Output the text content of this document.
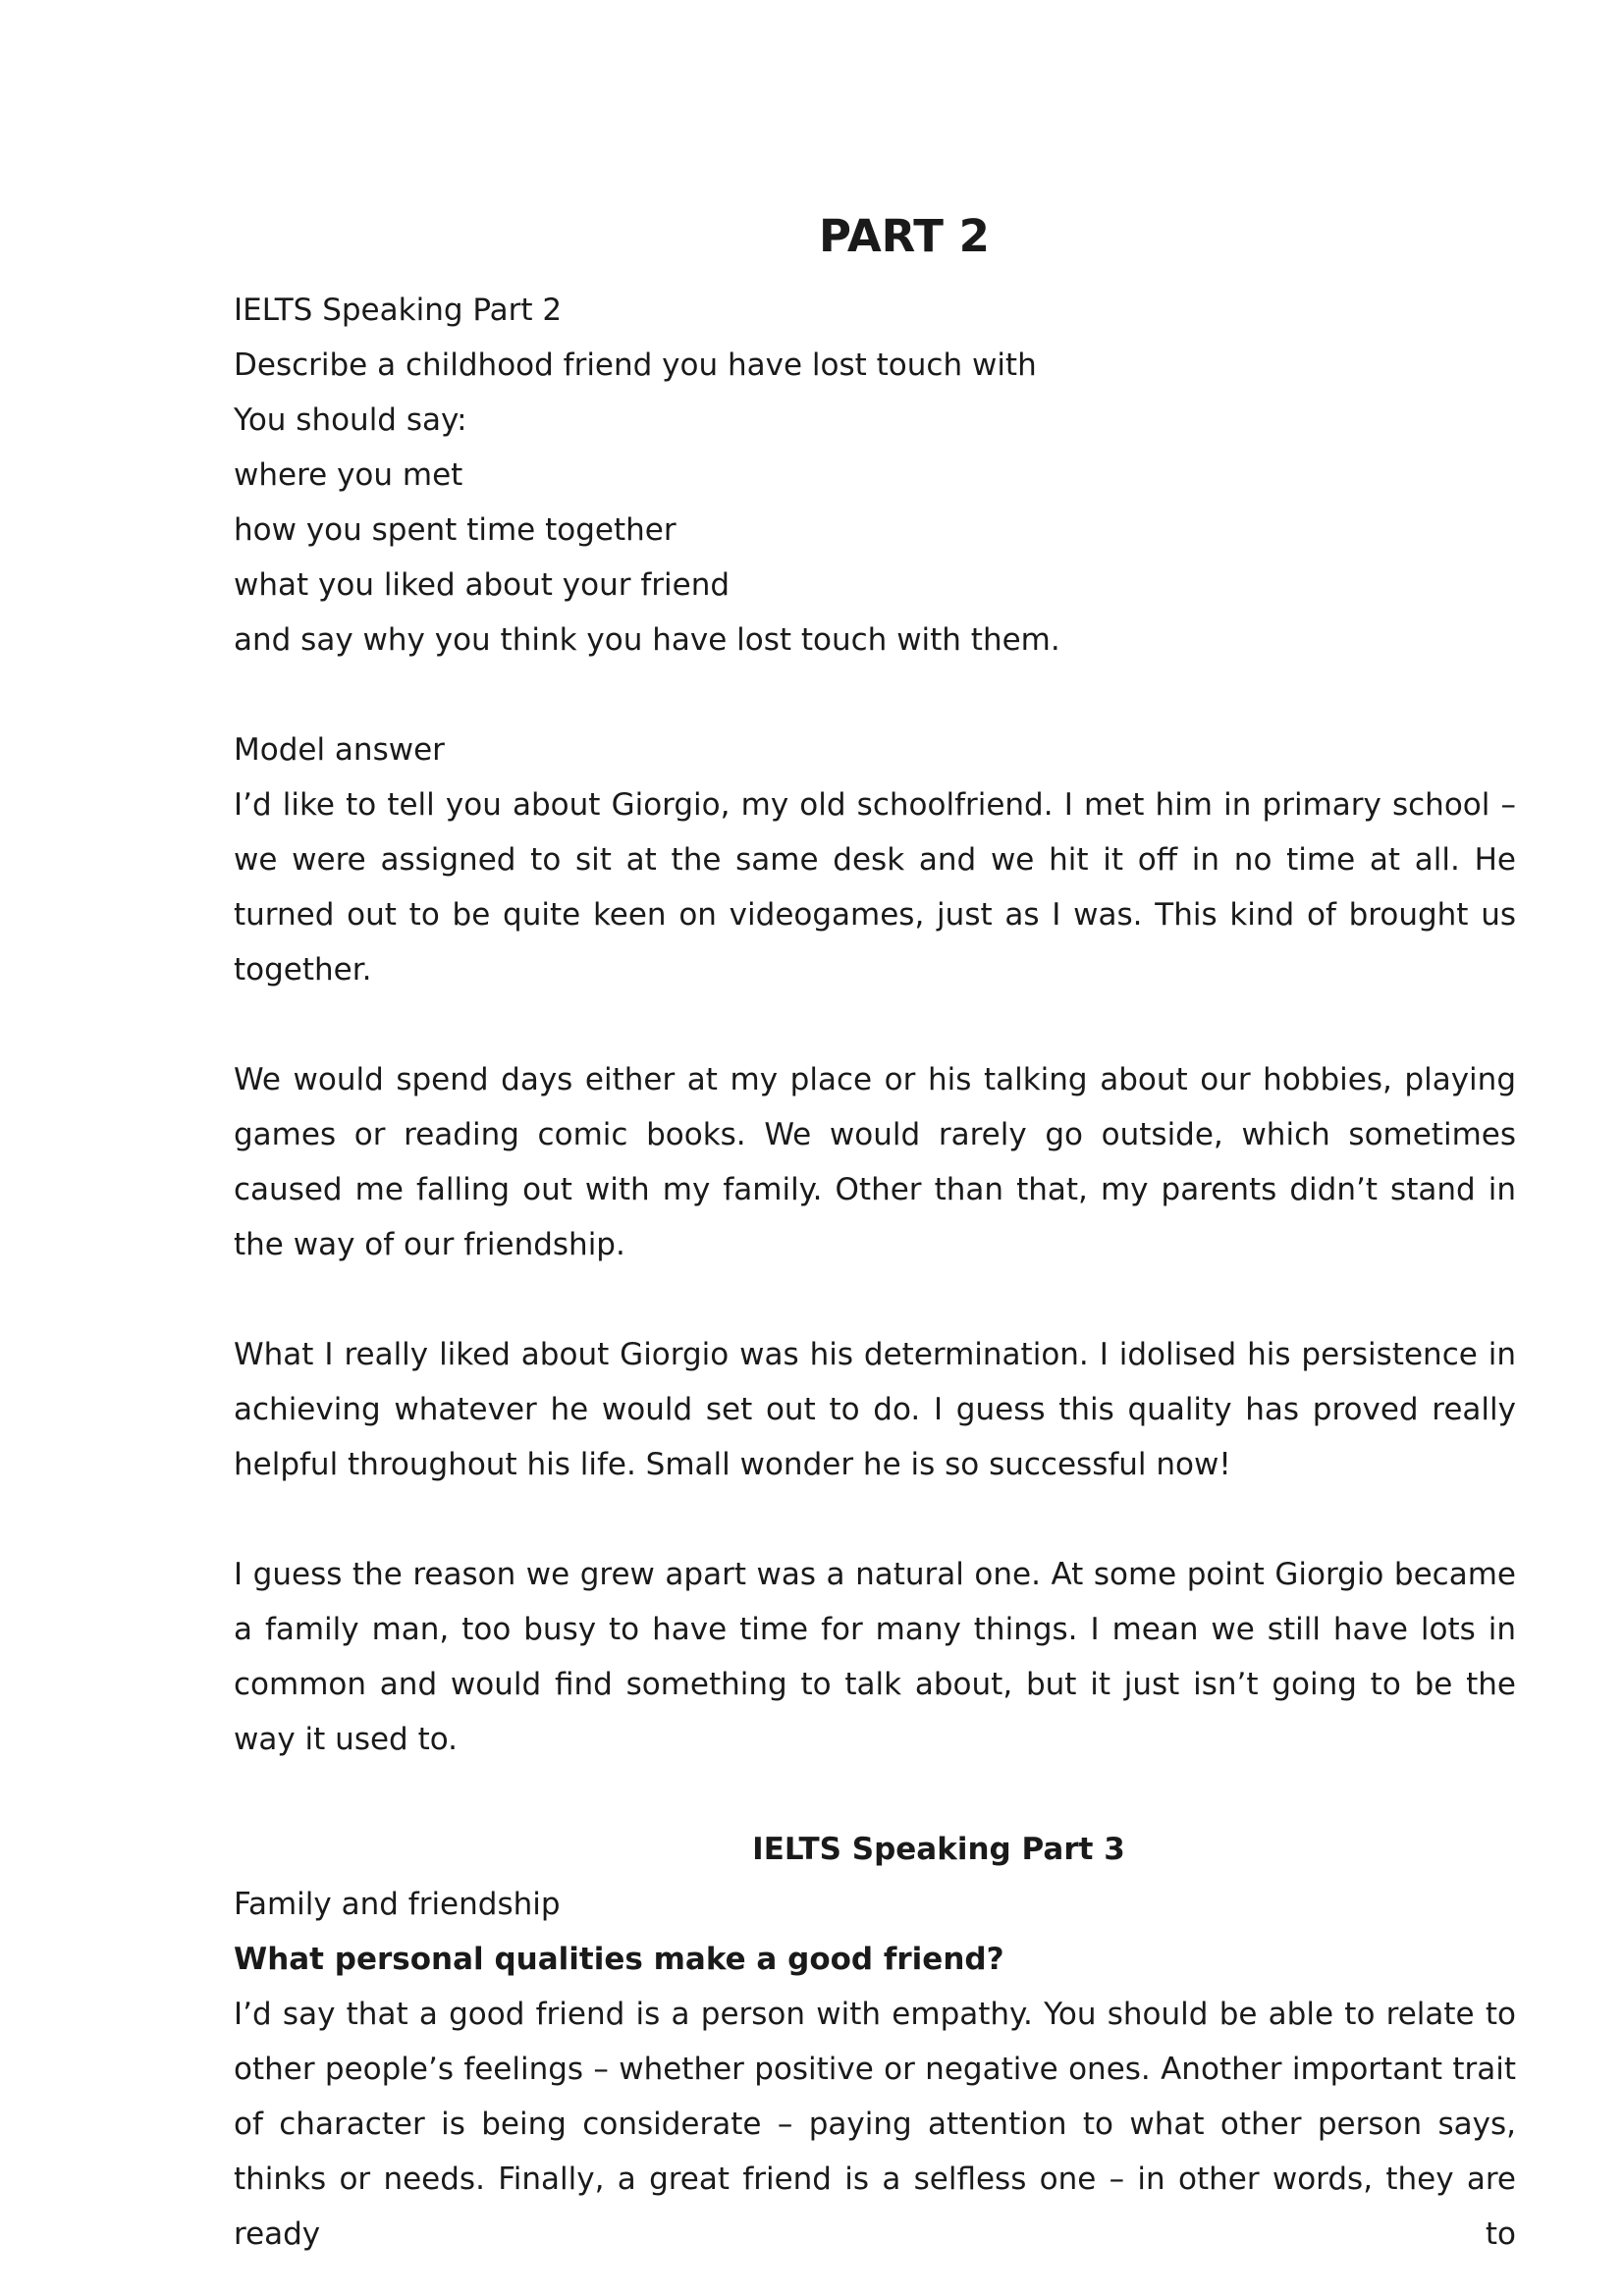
PART 2
IELTS Speaking Part 2
Describe a childhood friend you have lost touch with
You should say:
where you met
how you spent time together
what you liked about your friend
and say why you think you have lost touch with them.
Model answer

I’d like to tell you about Giorgio, my old schoolfriend. I met him in primary school – we were assigned to sit at the same desk and we hit it off in no time at all. He turned out to be quite keen on videogames, just as I was. This kind of brought us together.

We would spend days either at my place or his talking about our hobbies, playing games or reading comic books. We would rarely go outside, which sometimes caused me falling out with my family. Other than that, my parents didn’t stand in the way of our friendship.

What I really liked about Giorgio was his determination. I idolised his persistence in achieving whatever he would set out to do. I guess this quality has proved really helpful throughout his life. Small wonder he is so successful now!

I guess the reason we grew apart was a natural one. At some point Giorgio became a family man, too busy to have time for many things. I mean we still have lots in common and would find something to talk about, but it just isn’t going to be the way it used to.

IELTS Speaking Part 3
Family and friendship
What personal qualities make a good friend?

I’d say that a good friend is a person with empathy. You should be able to relate to other people’s feelings – whether positive or negative ones. Another important trait of character is being considerate – paying attention to what other person says, thinks or needs. Finally, a great friend is a selfless one – in other words, they are ready to
